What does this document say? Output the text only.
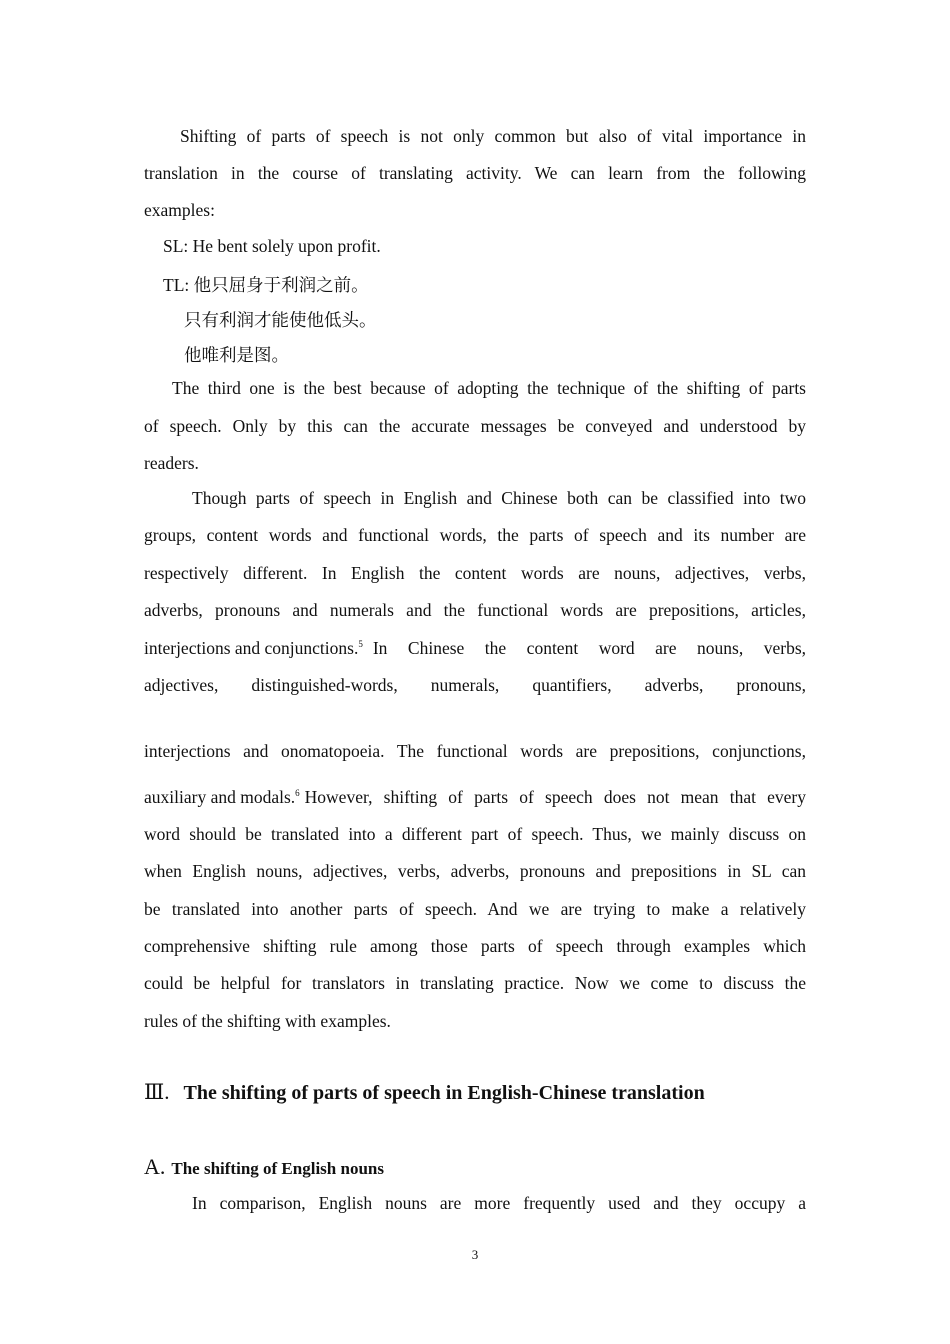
Shifting of parts of speech is not only common but also of vital importance in
translation in the course of translating activity. We can learn from the following
examples:
SL: He bent solely upon profit.
TL: 他只屈身于利润之前。
只有利润才能使他低头。
他唯利是图。
The third one is the best because of adopting the technique of the shifting of parts
of speech. Only by this can the accurate messages be conveyed and understood by
readers.
Though parts of speech in English and Chinese both can be classified into two
groups, content words and functional words, the parts of speech and its number are
respectively different. In English the content words are nouns, adjectives, verbs,
adverbs, pronouns and numerals and the functional words are prepositions, articles,
interjections and conjunctions.$^5$ In Chinese the content word are nouns, verbs,
adjectives, distinguished-words, numerals, quantifiers, adverbs, pronouns,
interjections and onomatopoeia. The functional words are prepositions, conjunctions,
auxiliary and modals.$^6$ However, shifting of parts of speech does not mean that every
word should be translated into a different part of speech. Thus, we mainly discuss on
when English nouns, adjectives, verbs, adverbs, pronouns and prepositions in SL can
be translated into another parts of speech. And we are trying to make a relatively
comprehensive shifting rule among those parts of speech through examples which
could be helpful for translators in translating practice. Now we come to discuss the
rules of the shifting with examples.
Ⅲ. The shifting of parts of speech in English-Chinese translation
A. The shifting of English nouns
In comparison, English nouns are more frequently used and they occupy a
3
